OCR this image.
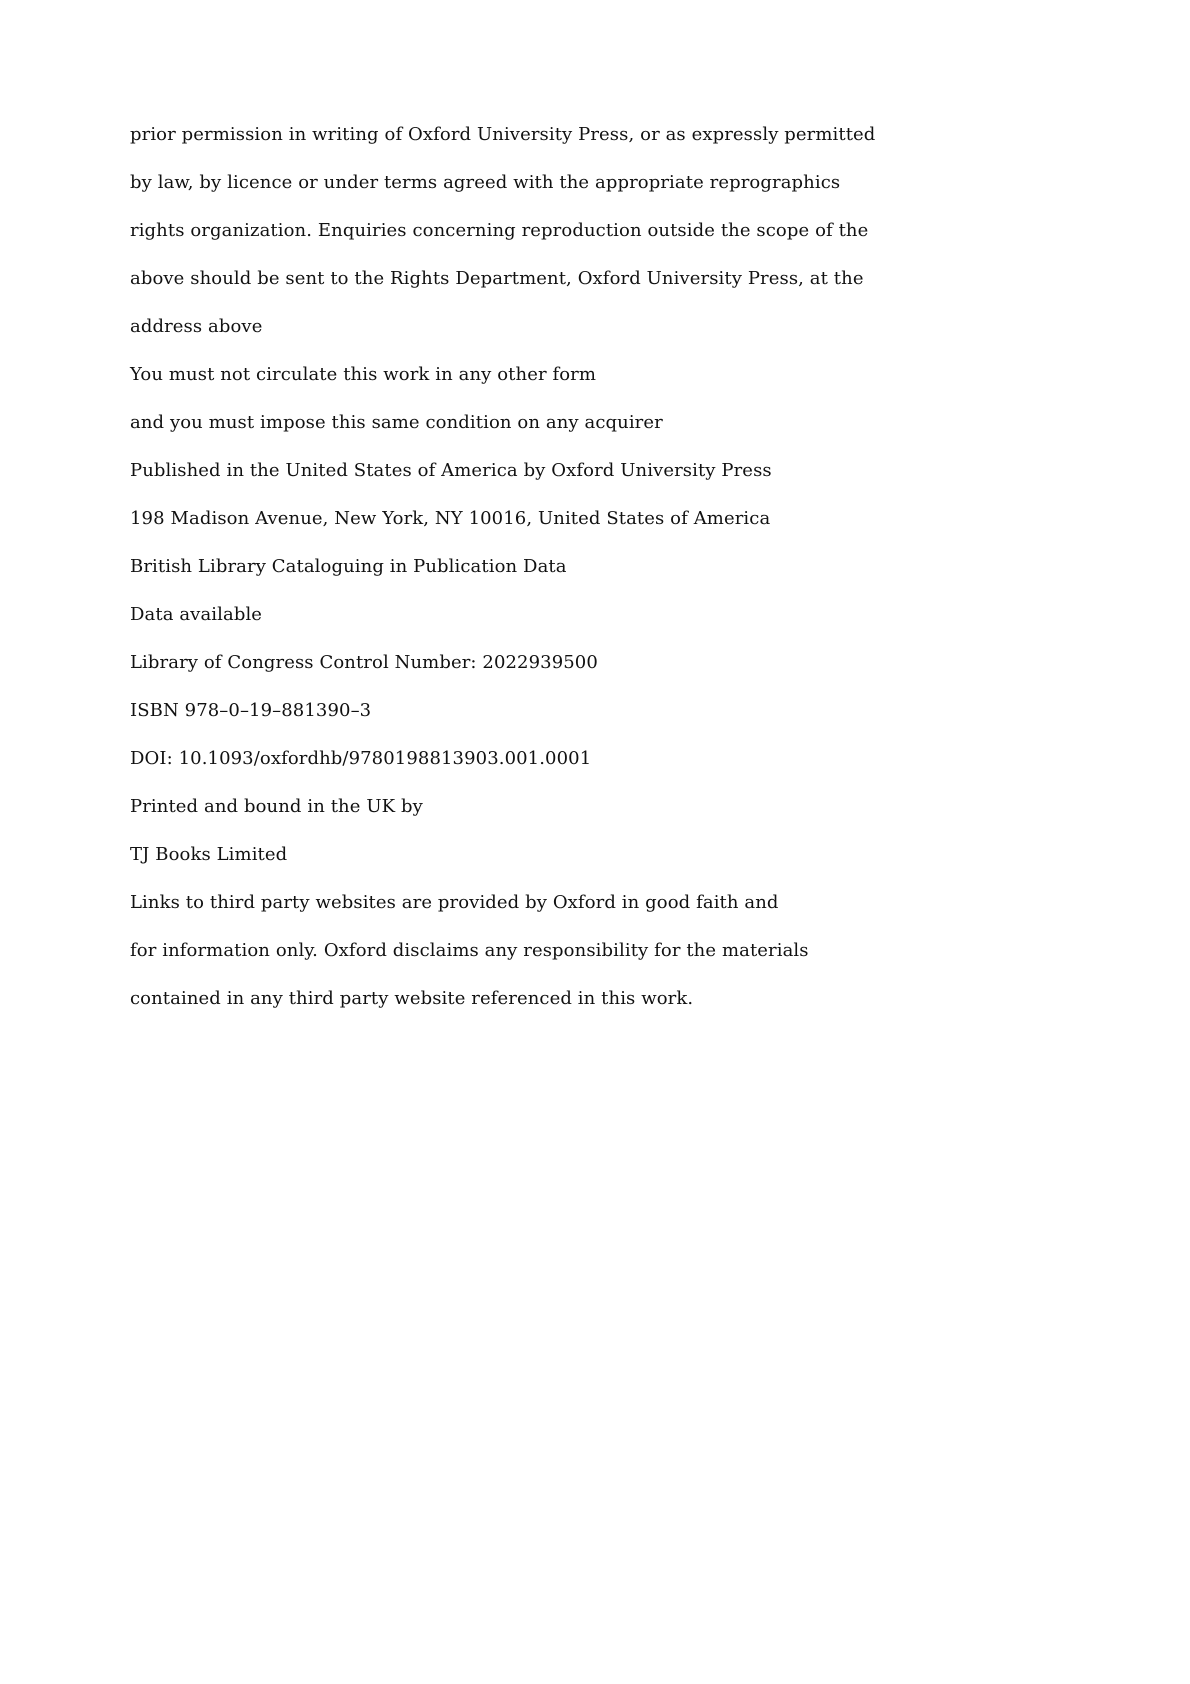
prior permission in writing of Oxford University Press, or as expressly permitted
by law, by licence or under terms agreed with the appropriate reprographics
rights organization. Enquiries concerning reproduction outside the scope of the
above should be sent to the Rights Department, Oxford University Press, at the
address above
You must not circulate this work in any other form
and you must impose this same condition on any acquirer
Published in the United States of America by Oxford University Press
198 Madison Avenue, New York, NY 10016, United States of America
British Library Cataloguing in Publication Data
Data available
Library of Congress Control Number: 2022939500
ISBN 978–0–19–881390–3
DOI: 10.1093/oxfordhb/9780198813903.001.0001
Printed and bound in the UK by
TJ Books Limited
Links to third party websites are provided by Oxford in good faith and
for information only. Oxford disclaims any responsibility for the materials
contained in any third party website referenced in this work.
